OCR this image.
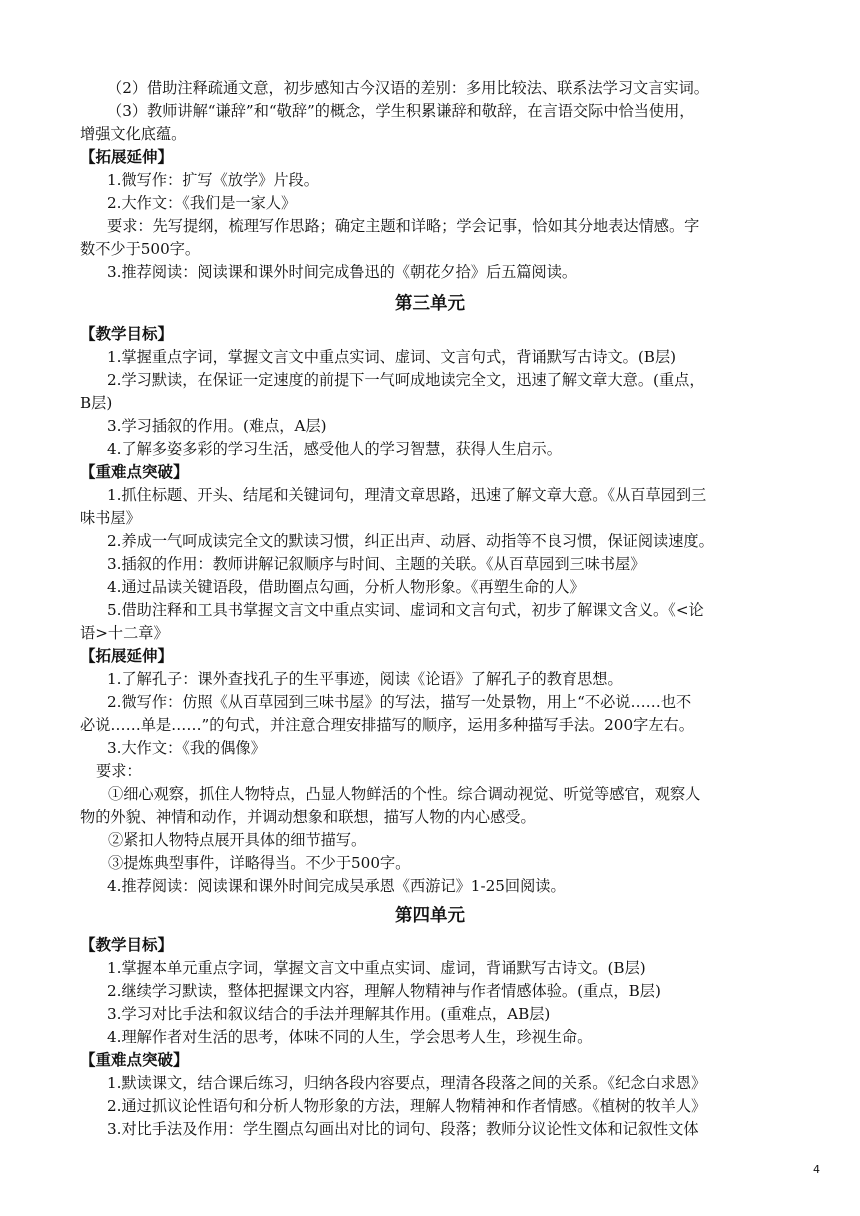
（2）借助注释疏通文意，初步感知古今汉语的差别：多用比较法、联系法学习文言实词。
（3）教师讲解“谦辞”和“敬辞”的概念，学生积累谦辞和敬辞，在言语交际中恰当使用，
增强文化底蕴。
【拓展延伸】
1.微写作：扩写《放学》片段。
2.大作文：《我们是一家人》
要求：先写提纲，梳理写作思路；确定主题和详略；学会记事，恰如其分地表达情感。字
数不少于500字。
3.推荐阅读：阅读课和课外时间完成鲁迅的《朝花夕拾》后五篇阅读。
第三单元
【教学目标】
1.掌握重点字词，掌握文言文中重点实词、虚词、文言句式，背诵默写古诗文。(B层)
2.学习默读，在保证一定速度的前提下一气呵成地读完全文，迅速了解文章大意。(重点，
B层)
3.学习插叙的作用。(难点，A层)
4.了解多姿多彩的学习生活，感受他人的学习智慧，获得人生启示。
【重难点突破】
1.抓住标题、开头、结尾和关键词句，理清文章思路，迅速了解文章大意。《从百草园到三
味书屋》
2.养成一气呵成读完全文的默读习惯，纠正出声、动唇、动指等不良习惯，保证阅读速度。
3.插叙的作用：教师讲解记叙顺序与时间、主题的关联。《从百草园到三味书屋》
4.通过品读关键语段，借助圈点勾画，分析人物形象。《再塑生命的人》
5.借助注释和工具书掌握文言文中重点实词、虚词和文言句式，初步了解课文含义。《<论
语>十二章》
【拓展延伸】
1.了解孔子：课外查找孔子的生平事迹，阅读《论语》了解孔子的教育思想。
2.微写作：仿照《从百草园到三味书屋》的写法，描写一处景物，用上“不必说……也不
必说……单是……”的句式，并注意合理安排描写的顺序，运用多种描写手法。200字左右。
3.大作文：《我的偶像》
要求：
①细心观察，抓住人物特点，凸显人物鲜活的个性。综合调动视觉、听觉等感官，观察人
物的外貌、神情和动作，并调动想象和联想，描写人物的内心感受。
②紧扣人物特点展开具体的细节描写。
③提炼典型事件，详略得当。不少于500字。
4.推荐阅读：阅读课和课外时间完成吴承恩《西游记》1-25回阅读。
第四单元
【教学目标】
1.掌握本单元重点字词，掌握文言文中重点实词、虚词，背诵默写古诗文。(B层)
2.继续学习默读，整体把握课文内容，理解人物精神与作者情感体验。(重点，B层)
3.学习对比手法和叙议结合的手法并理解其作用。(重难点，AB层)
4.理解作者对生活的思考，体味不同的人生，学会思考人生，珍视生命。
【重难点突破】
1.默读课文，结合课后练习，归纳各段内容要点，理清各段落之间的关系。《纪念白求恩》
2.通过抓议论性语句和分析人物形象的方法，理解人物精神和作者情感。《植树的牧羊人》
3.对比手法及作用：学生圈点勾画出对比的词句、段落；教师分议论性文体和记叙性文体
4
